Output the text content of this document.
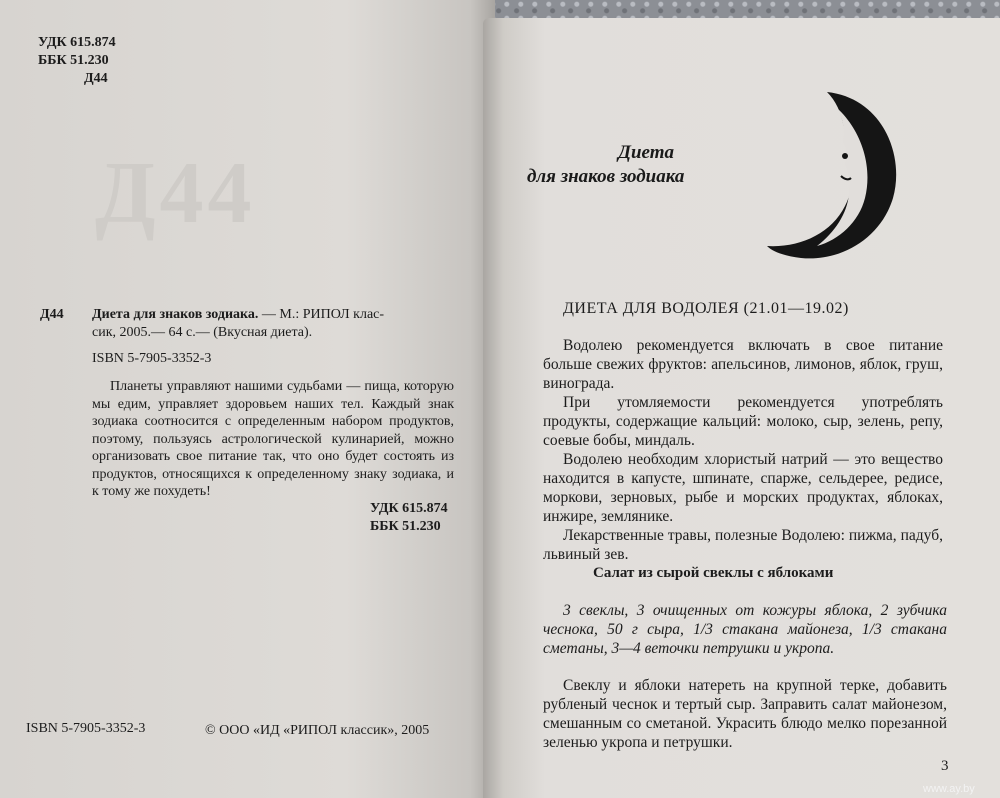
УДК 615.874
ББК 51.230
Д44
Д44
Д44 Диета для знаков зодиака. — М.: РИПОЛ клас-
сик, 2005.— 64 с.— (Вкусная диета).
ISBN 5-7905-3352-3
Планеты управляют нашими судьбами — пища, которую мы едим, управляет здоровьем наших тел. Каждый знак зодиака соотносится с определенным набором продуктов, поэтому, пользуясь астрологической кулинарией, можно организовать свое питание так, что оно будет состоять из продуктов, относящихся к определенному знаку зодиака, и к тому же похудеть!
УДК 615.874
ББК 51.230
ISBN 5-7905-3352-3	© ООО «ИД «РИПОЛ классик», 2005
Диета
для знаков зодиака
ДИЕТА ДЛЯ ВОДОЛЕЯ (21.01—19.02)

Водолею рекомендуется включать в свое питание больше свежих фруктов: апельсинов, лимонов, яблок, груш, винограда.

При утомляемости рекомендуется употреблять продукты, содержащие кальций: молоко, сыр, зелень, репу, соевые бобы, миндаль.

Водолею необходим хлористый натрий — это вещество находится в капусте, шпинате, спарже, сельдерее, редисе, моркови, зерновых, рыбе и морских продуктах, яблоках, инжире, землянике.

Лекарственные травы, полезные Водолею: пижма, падуб, львиный зев.

Салат из сырой свеклы с яблоками
3 свеклы, 3 очищенных от кожуры яблока, 2 зубчика чеснока, 50 г сыра, 1/3 стакана майонеза, 1/3 стакана сметаны, 3—4 веточки петрушки и укропа.
Свеклу и яблоки натереть на крупной терке, добавить рубленый чеснок и тертый сыр. Заправить салат майонезом, смешанным со сметаной. Украсить блюдо мелко порезанной зеленью укропа и петрушки.
3
www.ay.by
